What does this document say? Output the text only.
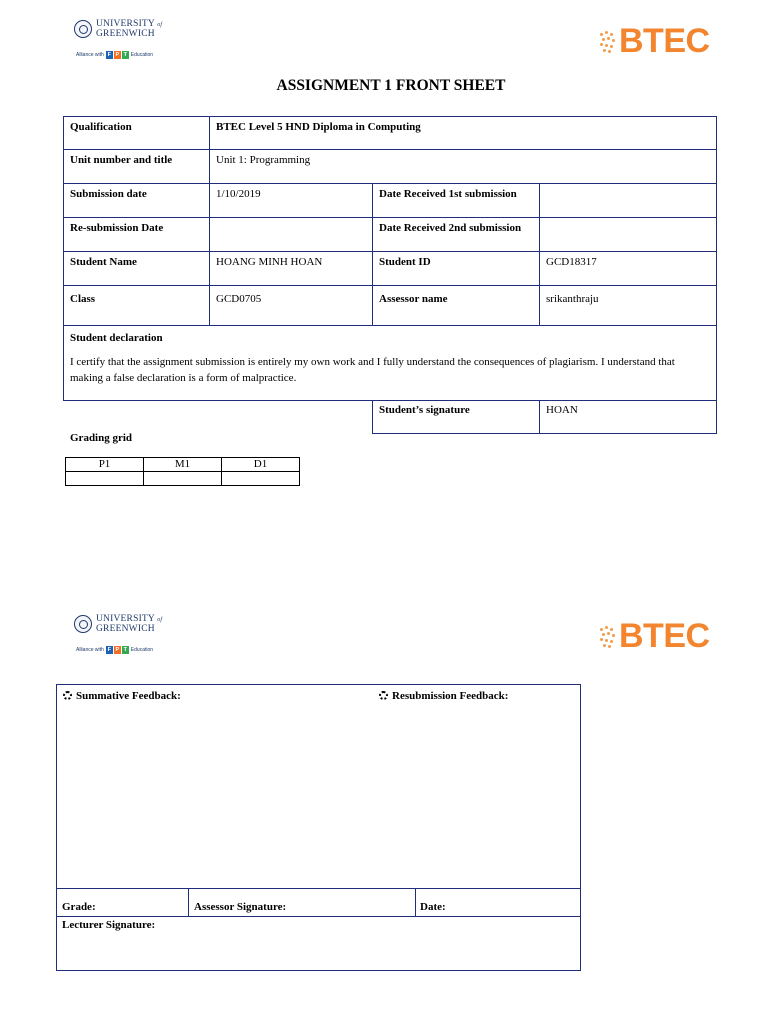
UNIVERSITY of
GREENWICH
Alliance with F P T Education	BTEC
ASSIGNMENT 1 FRONT SHEET
Qualification	BTEC Level 5 HND Diploma in Computing		
Unit number and title	Unit 1: Programming		
Submission date	1/10/2019	Date Received 1st submission	
Re-submission Date		Date Received 2nd submission	
Student Name	HOANG MINH HOAN	Student ID	GCD18317
Class	GCD0705	Assessor name	srikanthraju

Student declaration
I certify that the assignment submission is entirely my own work and I fully understand the consequences of plagiarism. I understand that making a false declaration is a form of malpractice.			

		Student’s signature	HOAN
Grading grid
P1	M1	D1

UNIVERSITY of
GREENWICH
Alliance with F P T Education	BTEC
Summative Feedback:	Resubmission Feedback:
Grade:	Assessor Signature:	Date:
Lecturer Signature:
